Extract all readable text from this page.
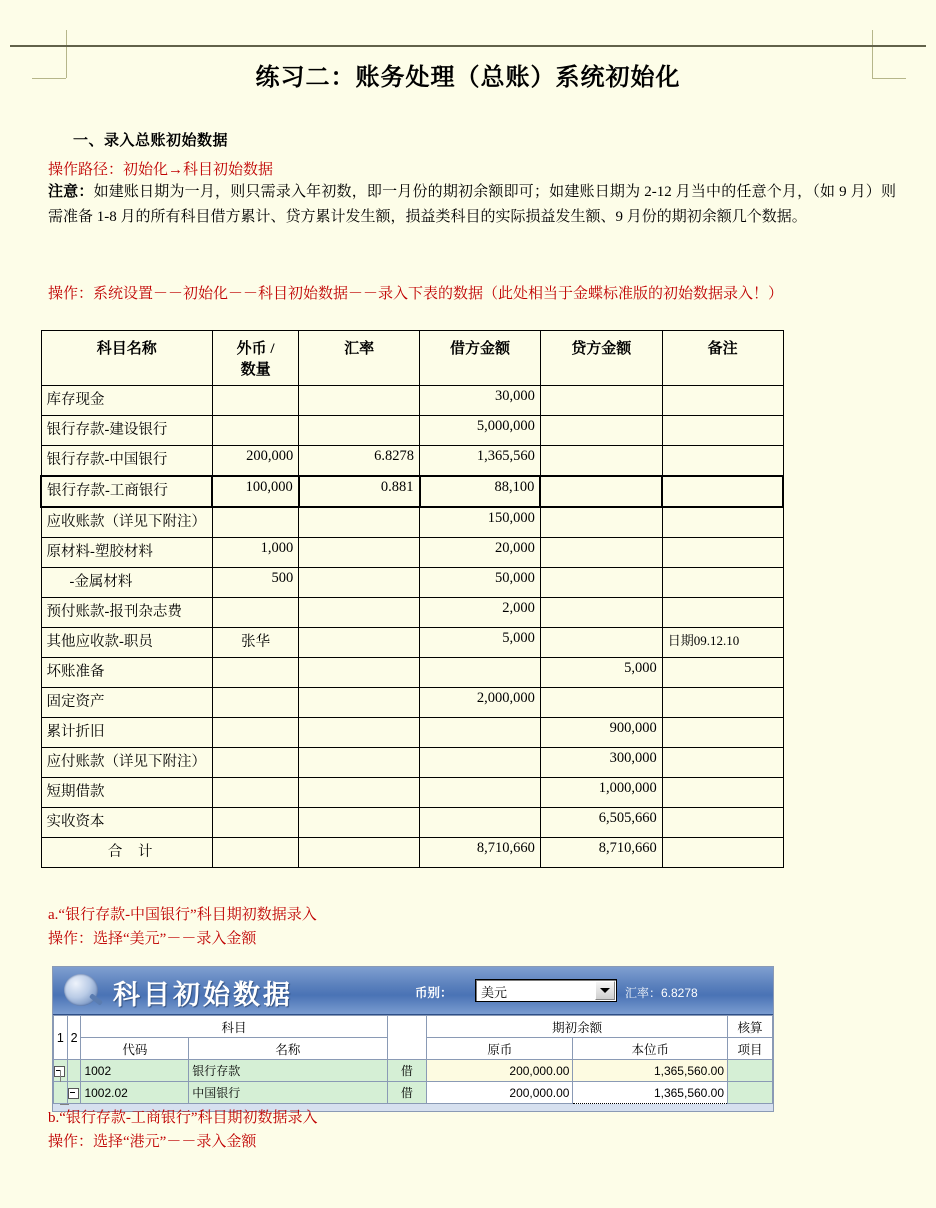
练习二：账务处理（总账）系统初始化
一、录入总账初始数据
操作路径：初始化→科目初始数据
注意：如建账日期为一月，则只需录入年初数，即一月份的期初余额即可；如建账日期为 2-12 月当中的任意个月，（如 9 月）则需准备 1-8 月的所有科目借方累计、贷方累计发生额，损益类科目的实际损益发生额、9 月份的期初余额几个数据。
操作：系统设置－－初始化－－科目初始数据－－录入下表的数据（此处相当于金蝶标准版的初始数据录入！）
科目名称	外币 /
数量	汇率	借方金额	贷方金额	备注
库存现金			30,000		
银行存款-建设银行			5,000,000		
银行存款-中国银行	200,000	6.8278	1,365,560		
银行存款-工商银行	100,000	0.881	88,100		
应收账款（详见下附注）			150,000		
原材料-塑胶材料	1,000		20,000		
-金属材料	500		50,000		
预付账款-报刊杂志费			2,000		
其他应收款-职员	张华		5,000		日期09.12.10
坏账准备				5,000	
固定资产			2,000,000		
累计折旧				900,000	
应付账款（详见下附注）				300,000	
短期借款				1,000,000	
实收资本				6,505,660	
合 计			8,710,660	8,710,660	
a.“银行存款-中国银行”科目期初数据录入
操作：选择“美元”－－录入金额
科目初始数据	币别： 美元	汇率：6.8278
1	2	科目			期初余额		核算
		代码	名称		原币	本位币	项目

		1002	银行存款	借	200,000.00	1,365,560.00	

		1002.02	中国银行	借	200,000.00	1,365,560.00	
b.“银行存款-工商银行”科目期初数据录入
操作：选择“港元”－－录入金额
